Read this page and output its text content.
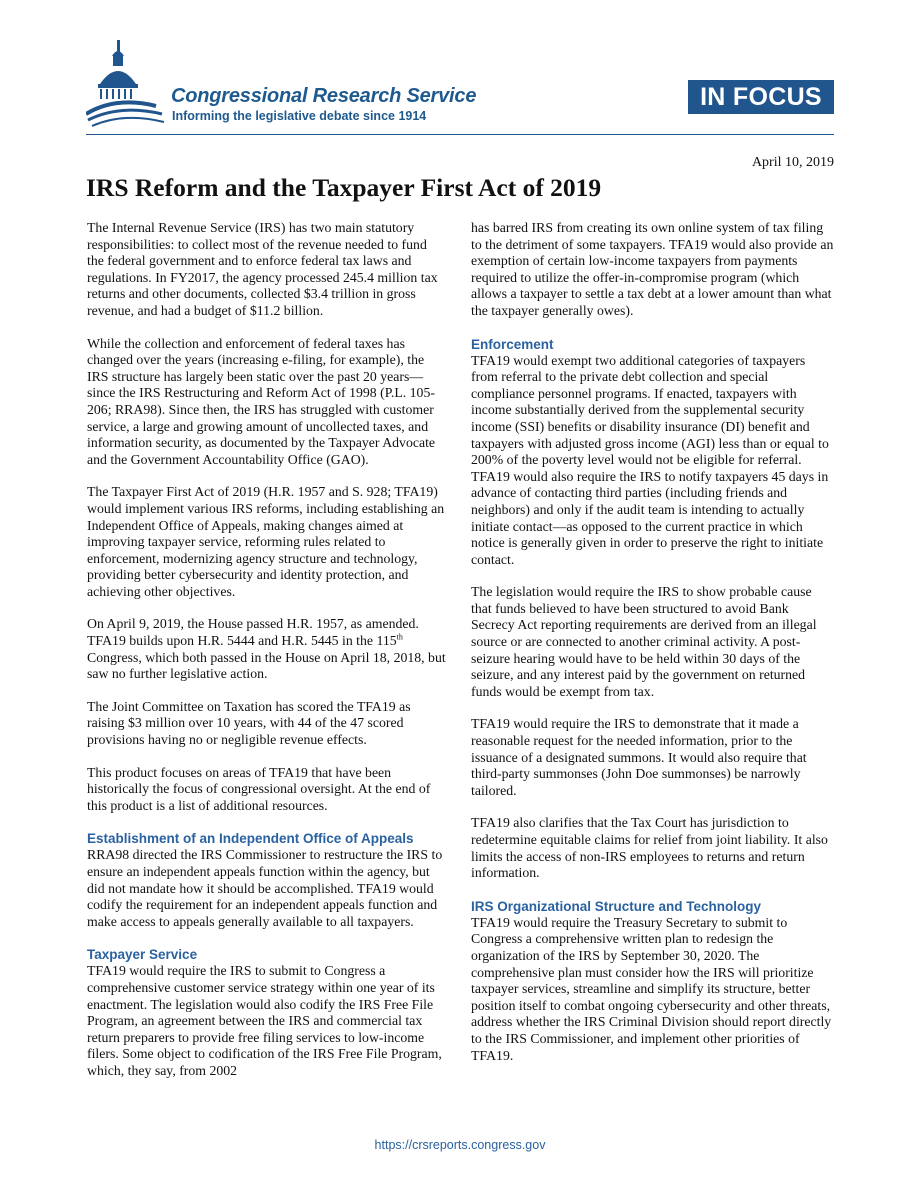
Congressional Research Service
Informing the legislative debate since 1914
IN FOCUS
April 10, 2019
IRS Reform and the Taxpayer First Act of 2019

The Internal Revenue Service (IRS) has two main statutory responsibilities: to collect most of the revenue needed to fund the federal government and to enforce federal tax laws and regulations. In FY2017, the agency processed 245.4 million tax returns and other documents, collected $3.4 trillion in gross revenue, and had a budget of $11.2 billion.

While the collection and enforcement of federal taxes has changed over the years (increasing e-filing, for example), the IRS structure has largely been static over the past 20 years—since the IRS Restructuring and Reform Act of 1998 (P.L. 105-206; RRA98). Since then, the IRS has struggled with customer service, a large and growing amount of uncollected taxes, and information security, as documented by the Taxpayer Advocate and the Government Accountability Office (GAO).

The Taxpayer First Act of 2019 (H.R. 1957 and S. 928; TFA19) would implement various IRS reforms, including establishing an Independent Office of Appeals, making changes aimed at improving taxpayer service, reforming rules related to enforcement, modernizing agency structure and technology, providing better cybersecurity and identity protection, and achieving other objectives.

On April 9, 2019, the House passed H.R. 1957, as amended. TFA19 builds upon H.R. 5444 and H.R. 5445 in the 115th Congress, which both passed in the House on April 18, 2018, but saw no further legislative action.

The Joint Committee on Taxation has scored the TFA19 as raising $3 million over 10 years, with 44 of the 47 scored provisions having no or negligible revenue effects.

This product focuses on areas of TFA19 that have been historically the focus of congressional oversight. At the end of this product is a list of additional resources.

Establishment of an Independent Office of Appeals

RRA98 directed the IRS Commissioner to restructure the IRS to ensure an independent appeals function within the agency, but did not mandate how it should be accomplished. TFA19 would codify the requirement for an independent appeals function and make access to appeals generally available to all taxpayers.

Taxpayer Service

TFA19 would require the IRS to submit to Congress a comprehensive customer service strategy within one year of its enactment. The legislation would also codify the IRS Free File Program, an agreement between the IRS and commercial tax return preparers to provide free filing services to low-income filers. Some object to codification of the IRS Free File Program, which, they say, from 2002

has barred IRS from creating its own online system of tax filing to the detriment of some taxpayers. TFA19 would also provide an exemption of certain low-income taxpayers from payments required to utilize the offer-in-compromise program (which allows a taxpayer to settle a tax debt at a lower amount than what the taxpayer generally owes).

Enforcement

TFA19 would exempt two additional categories of taxpayers from referral to the private debt collection and special compliance personnel programs. If enacted, taxpayers with income substantially derived from the supplemental security income (SSI) benefits or disability insurance (DI) benefit and taxpayers with adjusted gross income (AGI) less than or equal to 200% of the poverty level would not be eligible for referral. TFA19 would also require the IRS to notify taxpayers 45 days in advance of contacting third parties (including friends and neighbors) and only if the audit team is intending to actually initiate contact—as opposed to the current practice in which notice is generally given in order to preserve the right to initiate contact.

The legislation would require the IRS to show probable cause that funds believed to have been structured to avoid Bank Secrecy Act reporting requirements are derived from an illegal source or are connected to another criminal activity. A post-seizure hearing would have to be held within 30 days of the seizure, and any interest paid by the government on returned funds would be exempt from tax.

TFA19 would require the IRS to demonstrate that it made a reasonable request for the needed information, prior to the issuance of a designated summons. It would also require that third-party summonses (John Doe summonses) be narrowly tailored.

TFA19 also clarifies that the Tax Court has jurisdiction to redetermine equitable claims for relief from joint liability. It also limits the access of non-IRS employees to returns and return information.

IRS Organizational Structure and Technology

TFA19 would require the Treasury Secretary to submit to Congress a comprehensive written plan to redesign the organization of the IRS by September 30, 2020. The comprehensive plan must consider how the IRS will prioritize taxpayer services, streamline and simplify its structure, better position itself to combat ongoing cybersecurity and other threats, address whether the IRS Criminal Division should report directly to the IRS Commissioner, and implement other priorities of TFA19.

https://crsreports.congress.gov
